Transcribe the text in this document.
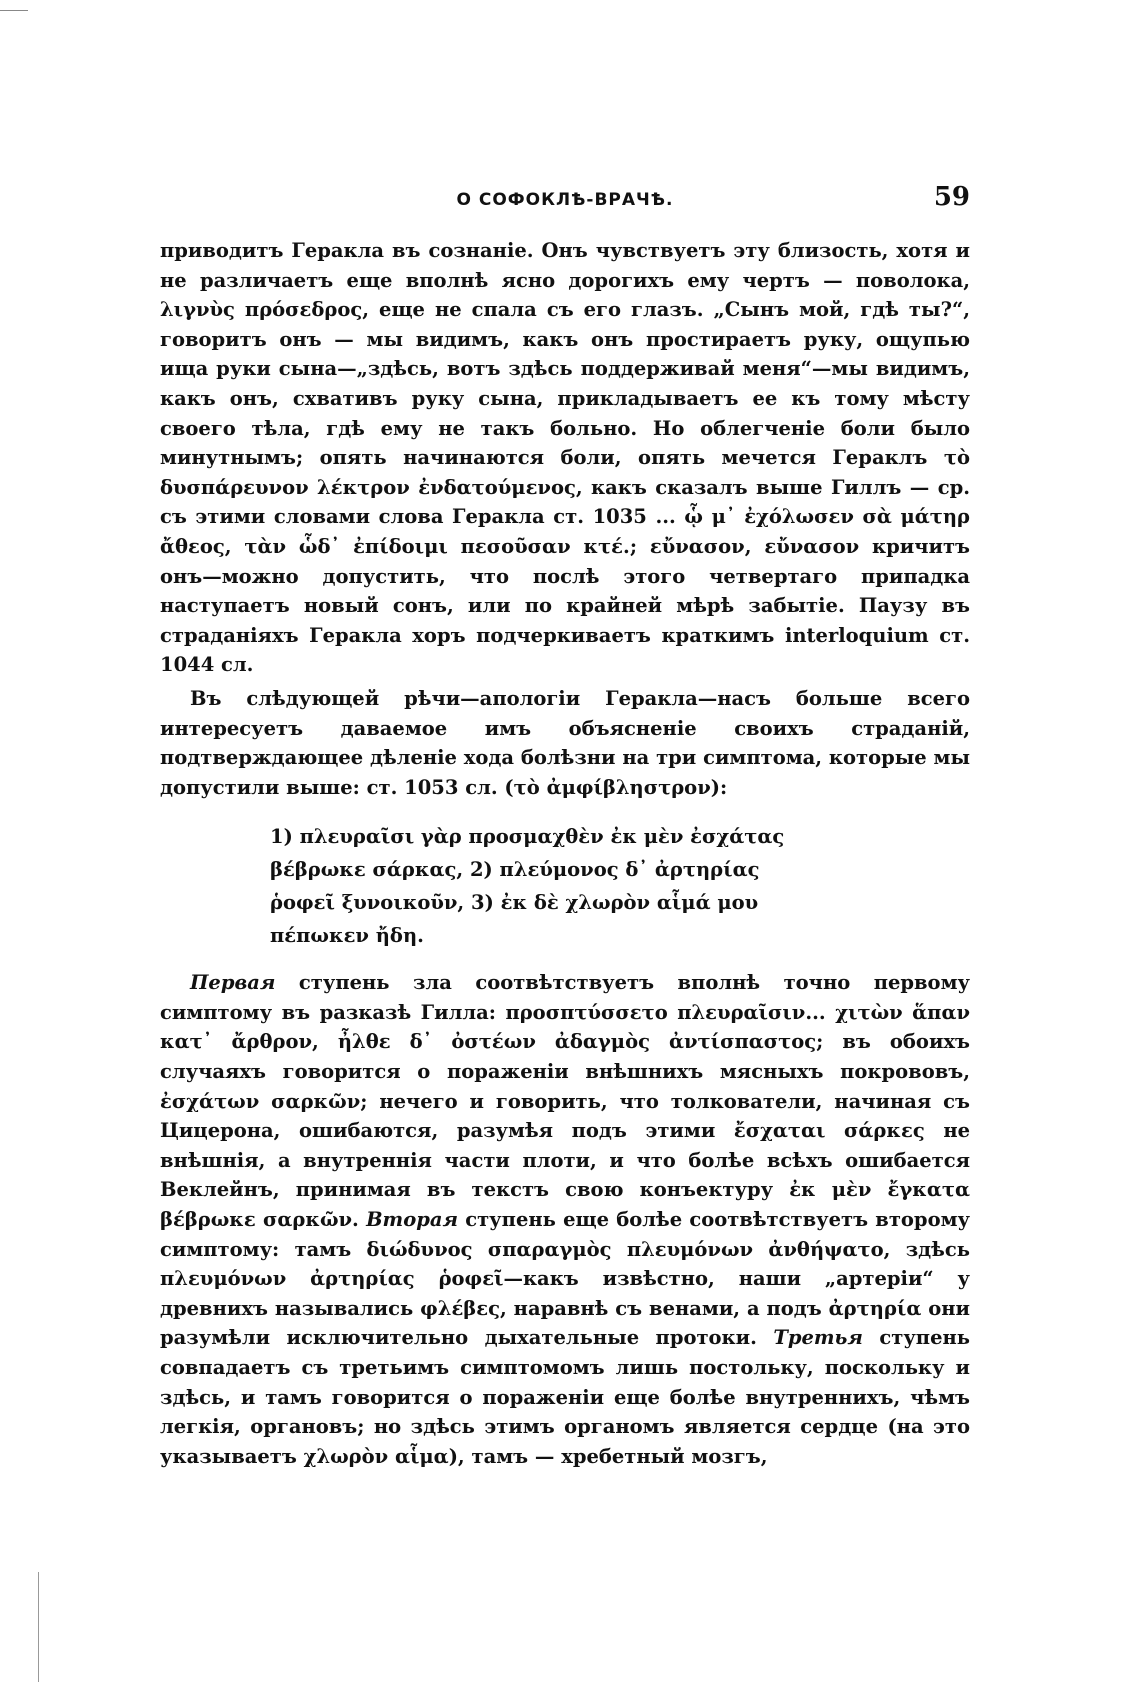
О СОФОКЛѢ-ВРАЧѢ.	59

приводитъ Геракла въ сознаніе. Онъ чувствуетъ эту близость, хотя и не различаетъ еще вполнѣ ясно дорогихъ ему чертъ — поволока, λιγνὺς πρόσεδρος, еще не спала съ его глазъ. „Сынъ мой, гдѣ ты?“, говоритъ онъ — мы видимъ, какъ онъ простираетъ руку, ощупью ища руки сына—„здѣсь, вотъ здѣсь поддерживай меня“—мы видимъ, какъ онъ, схвативъ руку сына, прикладываетъ ее къ тому мѣсту своего тѣла, гдѣ ему не такъ больно. Но облегченіе боли было минутнымъ; опять начинаются боли, опять мечется Гераклъ τὸ δυσπάρευνον λέκτρον ἐνδατούμενος, какъ сказалъ выше Гиллъ — ср. съ этими словами слова Геракла ст. 1035 ... ᾧ μ᾽ ἐχόλωσεν σὰ μάτηρ ἄθεος, τὰν ὧδ᾽ ἐπίδοιμι πεσοῦσαν κτέ.; εὔνασον, εὔνασον кричитъ онъ—можно допустить, что послѣ этого четвертаго припадка наступаетъ новый сонъ, или по крайней мѣрѣ забытіе. Паузу въ страданіяхъ Геракла хоръ подчеркиваетъ краткимъ interloquium ст. 1044 сл.

Въ слѣдующей рѣчи—апологіи Геракла—насъ больше всего интересуетъ даваемое имъ объясненіе своихъ страданій, подтверждающее дѣленіе хода болѣзни на три симптома, которые мы допустили выше: ст. 1053 сл. (τὸ ἀμφίβληστρον):

1) πλευραῖσι γὰρ προσμαχθὲν ἐκ μὲν ἐσχάτας
βέβρωκε σάρκας, 2) πλεύμονος δ᾽ ἀρτηρίας
ῥοφεῖ ξυνοικοῦν, 3) ἐκ δὲ χλωρὸν αἷμά μου
πέπωκεν ἤδη.

Первая ступень зла соотвѣтствуетъ вполнѣ точно первому симптому въ разказѣ Гилла: προσπτύσσετο πλευραῖσιν... χιτὼν ἅπαν κατ᾽ ἄρθρον, ἦλθε δ᾽ ὀστέων ἀδαγμὸς ἀντίσπαστος; въ обоихъ случаяхъ говорится о пораженіи внѣшнихъ мясныхъ покрововъ, ἐσχάτων σαρκῶν; нечего и говорить, что толкователи, начиная съ Цицерона, ошибаются, разумѣя подъ этими ἔσχαται σάρκες не внѣшнія, а внутреннія части плоти, и что болѣе всѣхъ ошибается Веклейнъ, принимая въ текстъ свою конъектуру ἐκ μὲν ἔγκατα βέβρωκε σαρκῶν. Вторая ступень еще болѣе соотвѣтствуетъ второму симптому: тамъ διώδυνος σπαραγμὸς πλευμόνων ἀνθήψατο, здѣсь πλευμόνων ἀρτηρίας ῥοφεῖ—какъ извѣстно, наши „артеріи“ у древнихъ назывались φλέβες, наравнѣ съ венами, а подъ ἀρτηρία они разумѣли исключительно дыхательные протоки. Третья ступень совпадаетъ съ третьимъ симптомомъ лишь постольку, поскольку и здѣсь, и тамъ говорится о пораженіи еще болѣе внутреннихъ, чѣмъ легкія, органовъ; но здѣсь этимъ органомъ является сердце (на это указываетъ χλωρὸν αἷμα), тамъ — хребетный мозгъ,
